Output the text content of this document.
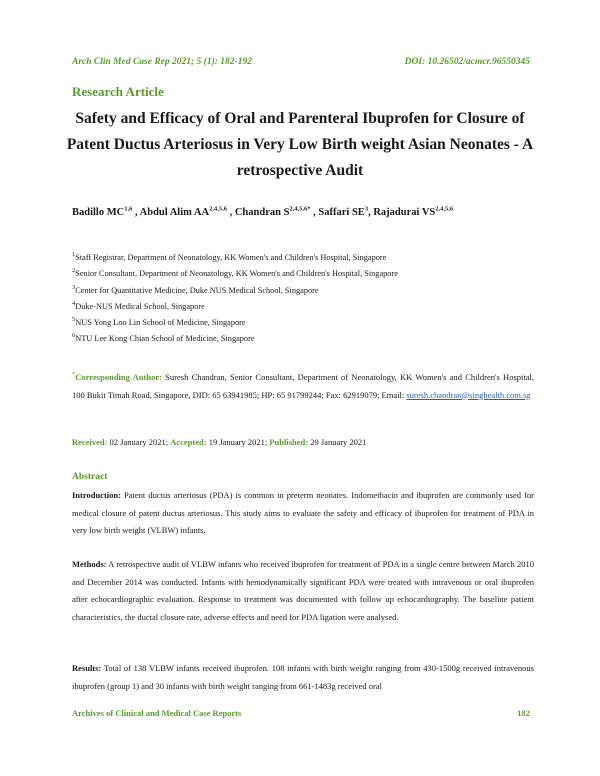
Arch Clin Med Case Rep 2021; 5 (1): 182-192	DOI: 10.26502/acmcr.96550345
Research Article
Safety and Efficacy of Oral and Parenteral Ibuprofen for Closure of Patent Ductus Arteriosus in Very Low Birth weight Asian Neonates - A retrospective Audit
Badillo MC$^{1,6}$ , Abdul Alim AA$^{2,4,5,6}$ , Chandran $S^{2,4,5,6*}$ , Saffari $SE^3$, Rajadurai VS$^{2,4,5,6}$
$^1$Staff Registrar, Department of Neonatology, KK Women's and Children's Hospital, Singapore
$^2$Senior Consultant, Department of Neonatology, KK Women's and Children's Hospital, Singapore
$^3$Center for Quantitative Medicine, Duke NUS Medical School, Singapore
$^4$Duke-NUS Medical School, Singapore
$^5$NUS Yong Loo Lin School of Medicine, Singapore
$^6$NTU Lee Kong Chian School of Medicine, Singapore
*Corresponding Author: Suresh Chandran, Senior Consultant, Department of Neonatology, KK Women's and Children's Hospital, 100 Bukit Timah Road, Singapore, DID: 65 63941985; HP: 65 91799244; Fax: 62919079; Email: suresh.chandran@singhealth.com.sg
Received: 02 January 2021; Accepted: 19 January 2021; Published: 29 January 2021
Abstract
Introduction: Patent ductus arteriosus (PDA) is common in preterm neonates. Indomethacin and ibuprofen are commonly used for medical closure of patent ductus arteriosus. This study aims to evaluate the safety and efficacy of ibuprofen for treatment of PDA in very low birth weight (VLBW) infants.
Methods: A retrospective audit of VLBW infants who received ibuprofen for treatment of PDA in a single centre between March 2010 and December 2014 was conducted. Infants with hemodynamically significant PDA were treated with intravenous or oral ibuprofen after echocardiographic evaluation. Response to treatment was documented with follow up echocardiography. The baseline patient characteristics, the ductal closure rate, adverse effects and need for PDA ligation were analysed.
Results: Total of 138 VLBW infants received ibuprofen. 108 infants with birth weight ranging from 430-1500g received intravenous ibuprofen (group 1) and 30 infants with birth weight ranging from 661-1483g received oral
Archives of Clinical and Medical Case Reports	182
